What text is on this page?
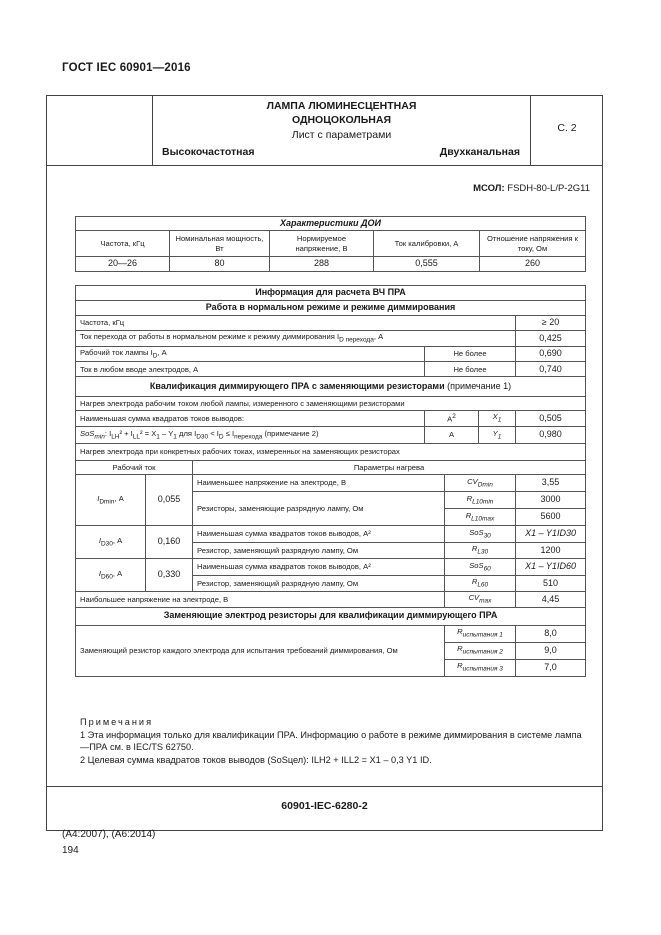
ГОСТ IEC 60901—2016
ЛАМПА ЛЮМИНЕСЦЕНТНАЯ
ОДНОЦОКОЛЬНАЯ
Лист с параметрами
Высокочастотная	Двухканальная
С. 2
МСОЛ: FSDH-80-L/P-2G11
Характеристики ДОИ				
Частота, кГц	Номинальная мощность, Вт	Нормируемое напряжение, В	Ток калибровки, А	Отношение напряжения к току, Ом
20—26	80	288	0,555	260
Информация для расчета ВЧ ПРА						
Работа в нормальном режиме и режиме диммирования						
Частота, кГц						≥ 20
Ток перехода от работы в нормальном режиме к режиму диммирования $I_{D перехода}$, А						0,425
Рабочий ток лампы $I_D$, А			Не более			0,690
Ток в любом вводе электродов, А			Не более			0,740
Квалификация диммирующего ПРА с заменяющими резисторами (примечание 1)						
Нагрев электрода рабочим током любой лампы, измеренного с заменяющими резисторами						
Наименьшая сумма квадратов токов выводов:			$А^2$		$X_1$	0,505
SoS$_{min}$: $I_{LH}^2 + I_{LL}^2 = X_1 - Y_1$ для $I_{D30} < I_D \le I_{перехода}$ (примечание 2)			А		$Y_1$	0,980
Нагрев электрода при конкретных рабочих токах, измеренных на заменяющих резисторах						
Рабочий ток		Параметры нагрева				
$I_{Dmin}$, А	0,055	Наименьшее напряжение на электроде, В		$CV_{Dmin}$		3,55
		Резисторы, заменяющие разрядную лампу, Ом		$R_{L10min}$		3000
				$R_{L10max}$		5600
$I_{D30}$, А	0,160	Наименьшая сумма квадратов токов выводов, А²		SoS$_{30}$		X1 – Y1ID30
		Резистор, заменяющий разрядную лампу, Ом		$R_{L30}$		1200
$I_{D60}$, А	0,330	Наименьшая сумма квадратов токов выводов, А²		SoS$_{60}$		X1 – Y1ID60
		Резистор, заменяющий разрядную лампу, Ом		$R_{L60}$		510
Наибольшее напряжение на электроде, В				$CV_{max}$		4,45
Заменяющие электрод резисторы для квалификации диммирующего ПРА						
Заменяющий резистор каждого электрода для испытания требований диммирования, Ом				$R_{испытания 1}$		8,0
				$R_{испытания 2}$		9,0
				$R_{испытания 3}$		7,0
Примечания
1 Эта информация только для квалификации ПРА. Информацию о работе в режиме диммирования в системе лампа—ПРА см. в IEC/TS 62750.
2 Целевая сумма квадратов токов выводов (SoSцел): ILH2 + ILL2 = X1 – 0,3 Y1 ID.
60901-IEC-6280-2
(A4:2007), (A6:2014)
194
